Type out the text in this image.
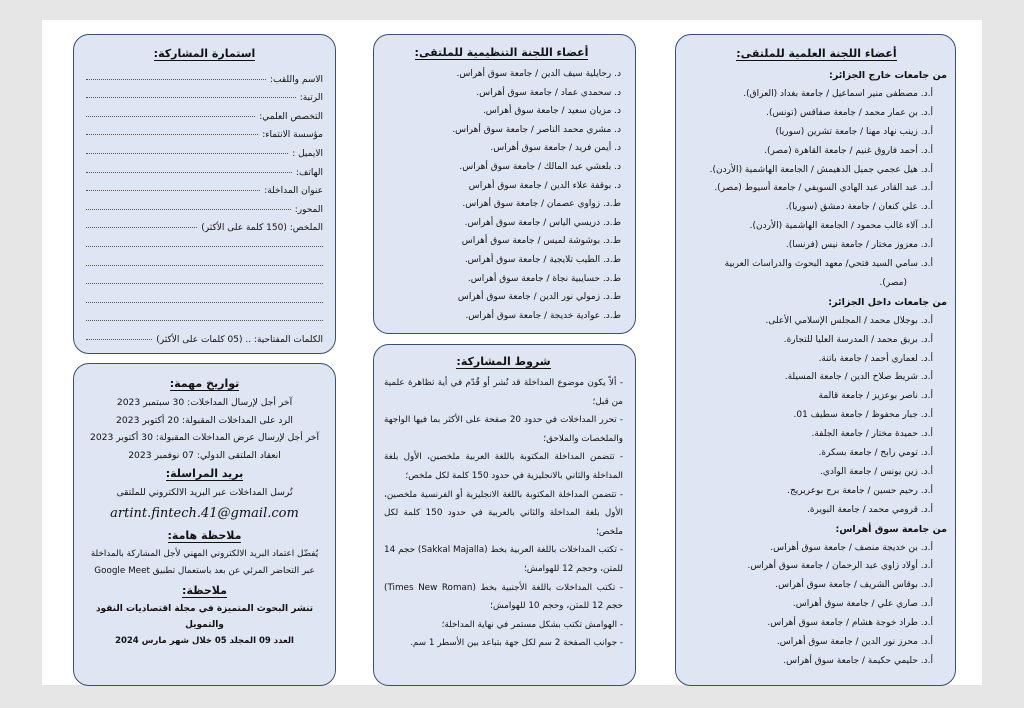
أعضاء اللجنة العلمية للملتقى:
من جامعات خارج الجزائر:
أ.د. مصطفى منير اسماعيل / جامعة بغداد (العراق).
أ.د. بن عمار محمد / جامعة صفاقس (تونس).
أ.د. زينب نهاد مهنا / جامعة تشرين (سوريا)
أ.د. أحمد فاروق غنيم / جامعة القاهرة (مصر).
أ.د. هيل عجمي جميل الدهيمش / الجامعة الهاشمية (الأردن).
أ.د. عبد القادر عبد الهادي السويفي / جامعة أسيوط (مصر).
أ.د. علي كنعان / جامعة دمشق (سوريا).
أ.د. آلاء غالب محمود / الجامعة الهاشمية (الأردن).
أ.د. معزوز مختار / جامعة نيس (فرنسا).
أ.د. سامي السيد فتحي/ معهد البحوث والدراسات العربية
(مصر).
من جامعات داخل الجزائر:
أ.د. بوجلال محمد / المجلس الإسلامي الأعلى.
أ.د. بريق محمد / المدرسة العليا للتجارة.
أ.د. لعماري أحمد / جامعة باتنة.
أ.د. شريط صلاح الدين / جامعة المسيلة.
أ.د. ناصر بوعزيز / جامعة قالمة
أ.د. جبار محفوظ / جامعة سطيف 01.
أ.د. حميدة مختار / جامعة الجلفة.
أ.د. تومي رابح / جامعة بسكرة.
أ.د. زين يونس / جامعة الوادي.
أ.د. رحيم حسين / جامعة برج بوعريريج.
أ.د. قرومي محمد / جامعة البويرة.
من جامعة سوق أهراس:
أ.د. بن خديجة منصف / جامعة سوق أهراس.
أ.د. أولاد زاوي عبد الرحمان / جامعة سوق أهراس.
أ.د. بوقاس الشريف / جامعة سوق أهراس.
أ.د. صاري علي / جامعة سوق أهراس.
أ.د. طراد خوجة هشام / جامعة سوق أهراس.
أ.د. محرز نور الدين / جامعة سوق أهراس.
أ.د. حليمي حكيمة / جامعة سوق أهراس.
أعضاء اللجنة التنظيمية للملتقى:
د. رحايلية سيف الدين / جامعة سوق أهراس.
د. سحمدي عماد / جامعة سوق أهراس.
د. مزيان سعيد / جامعة سوق أهراس.
د. مشري محمد الناصر / جامعة سوق أهراس.
د. أيمن فريد / جامعة سوق أهراس.
د. بلعشي عبد المالك / جامعة سوق أهراس.
د. بوقفة علاء الدين / جامعة سوق أهراس
ط.د. زواوي عصمان / جامعة سوق أهراس.
ط.د. دريسي الياس / جامعة سوق أهراس.
ط.د. بوشوشة لميس / جامعة سوق أهراس
ط.د. الطيب تلايجية / جامعة سوق أهراس.
ط.د. حسايبية نجاة / جامعة سوق أهراس.
ط.د. زمولي نور الدين / جامعة سوق أهراس
ط.د. عوادية خديجة / جامعة سوق أهراس.
شروط المشاركة:
- ألاّ يكون موضوع المداخلة قد نُشر أو قُدّم في أية تظاهرة علمية من قبل؛
- تحرر المداخلات في حدود 20 صفحة على الأكثر بما فيها الواجهة والملخصات والملاحق؛
- تتضمن المداخلة المكتوبة باللغة العربية ملخصين، الأول بلغة المداخلة والثاني بالانجليزية في حدود 150 كلمة لكل ملخص؛
- تتضمن المداخلة المكتوبة باللغة الانجليزية أو الفرنسية ملخصين، الأول بلغة المداخلة والثاني بالعربية في حدود 150 كلمة لكل ملخص؛
- تكتب المداخلات باللغة العربية بخط (Sakkal Majalla) حجم 14 للمتن، وحجم 12 للهوامش؛
- تكتب المداخلات باللغة الأجنبية بخط (Times New Roman) حجم 12 للمتن، وحجم 10 للهوامش؛
- الهوامش تكتب بشكل مستمر في نهاية المداخلة؛
- جوانب الصفحة 2 سم لكل جهة بتباعد بين الأسطر 1 سم.
استمارة المشاركة:
الاسم واللقب:
الرتبة:
التخصص العلمي:
مؤسسة الانتماء:
الايميل :
الهاتف:
عنوان المداخلة:
المحور:
الملخص: (150 كلمة على الأكثر)
الكلمات المفتاحية: .. (05 كلمات على الأكثر)
تواريخ مهمة:
آخر أجل لإرسال المداخلات: 30 سبتمبر 2023
الرد على المداخلات المقبولة: 20 أكتوبر 2023
آخر أجل لإرسال عرض المداخلات المقبولة: 30 أكتوبر 2023
انعقاد الملتقى الدولي: 07 نوفمبر 2023
بريد المراسلة:
تُرسل المداخلات عبر البريد الالكتروني للملتقى
artint.fintech.41@gmail.com
ملاحظة هامة:
يُفضّل اعتماد البريد الالكتروني المهني لأجل المشاركة بالمداخلة
عبر التحاضر المرئي عن بعد باستعمال تطبيق Google Meet
ملاحظة:
تنشر البحوث المتميزة في مجلة اقتصاديات النقود والتمويل
العدد 09 المجلد 05 خلال شهر مارس 2024
